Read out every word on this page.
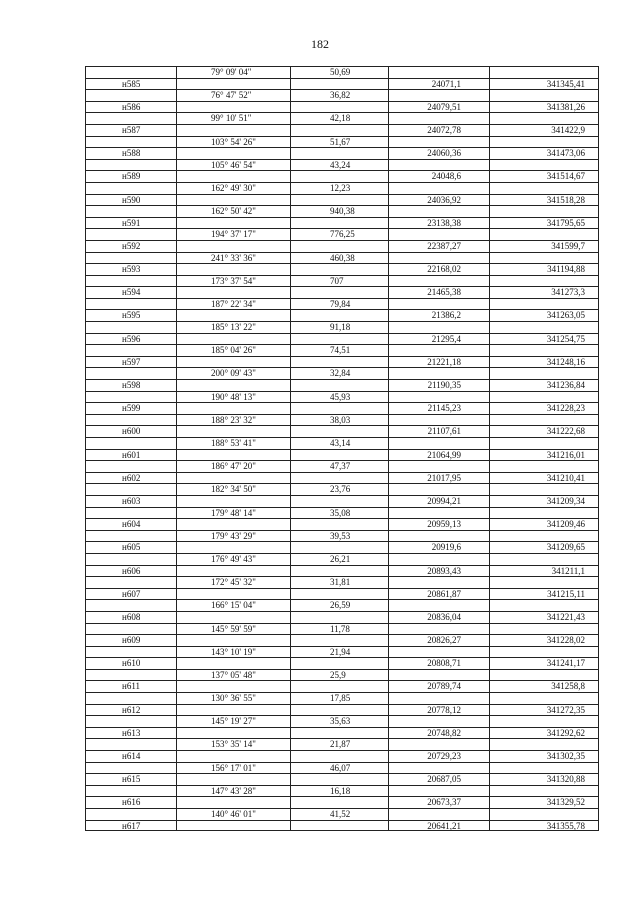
182
79° 09' 04"	50,69
н585	24071,1	341345,41
76° 47' 52"	36,82
н586	24079,51	341381,26
99° 10' 51"	42,18
н587	24072,78	341422,9
103° 54' 26"	51,67
н588	24060,36	341473,06
105° 46' 54"	43,24
н589	24048,6	341514,67
162° 49' 30"	12,23
н590	24036,92	341518,28
162° 50' 42"	940,38
н591	23138,38	341795,65
194° 37' 17"	776,25
н592	22387,27	341599,7
241° 33' 36"	460,38
н593	22168,02	341194,88
173° 37' 54"	707
н594	21465,38	341273,3
187° 22' 34"	79,84
н595	21386,2	341263,05
185° 13' 22"	91,18
н596	21295,4	341254,75
185° 04' 26"	74,51
н597	21221,18	341248,16
200° 09' 43"	32,84
н598	21190,35	341236,84
190° 48' 13"	45,93
н599	21145,23	341228,23
188° 23' 32"	38,03
н600	21107,61	341222,68
188° 53' 41"	43,14
н601	21064,99	341216,01
186° 47' 20"	47,37
н602	21017,95	341210,41
182° 34' 50"	23,76
н603	20994,21	341209,34
179° 48' 14"	35,08
н604	20959,13	341209,46
179° 43' 29"	39,53
н605	20919,6	341209,65
176° 49' 43"	26,21
н606	20893,43	341211,1
172° 45' 32"	31,81
н607	20861,87	341215,11
166° 15' 04"	26,59
н608	20836,04	341221,43
145° 59' 59"	11,78
н609	20826,27	341228,02
143° 10' 19"	21,94
н610	20808,71	341241,17
137° 05' 48"	25,9
н611	20789,74	341258,8
130° 36' 55"	17,85
н612	20778,12	341272,35
145° 19' 27"	35,63
н613	20748,82	341292,62
153° 35' 14"	21,87
н614	20729,23	341302,35
156° 17' 01"	46,07
н615	20687,05	341320,88
147° 43' 28"	16,18
н616	20673,37	341329,52
140° 46' 01"	41,52
н617	20641,21	341355,78
